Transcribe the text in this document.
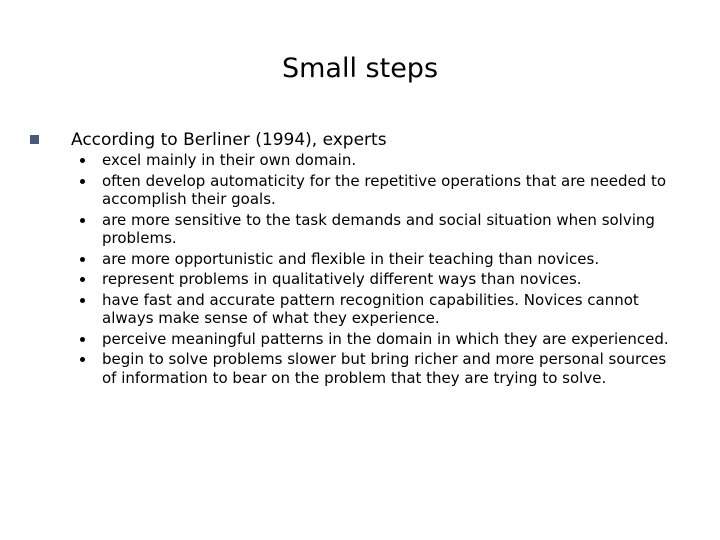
Small steps
According to Berliner (1994), experts
excel mainly in their own domain.
often develop automaticity for the repetitive operations that are needed to accomplish their goals.
are more sensitive to the task demands and social situation when solving problems.
are more opportunistic and flexible in their teaching than novices.
represent problems in qualitatively different ways than novices.
have fast and accurate pattern recognition capabilities. Novices cannot always make sense of what they experience.
perceive meaningful patterns in the domain in which they are experienced.
begin to solve problems slower but bring richer and more personal sources of information to bear on the problem that they are trying to solve.
